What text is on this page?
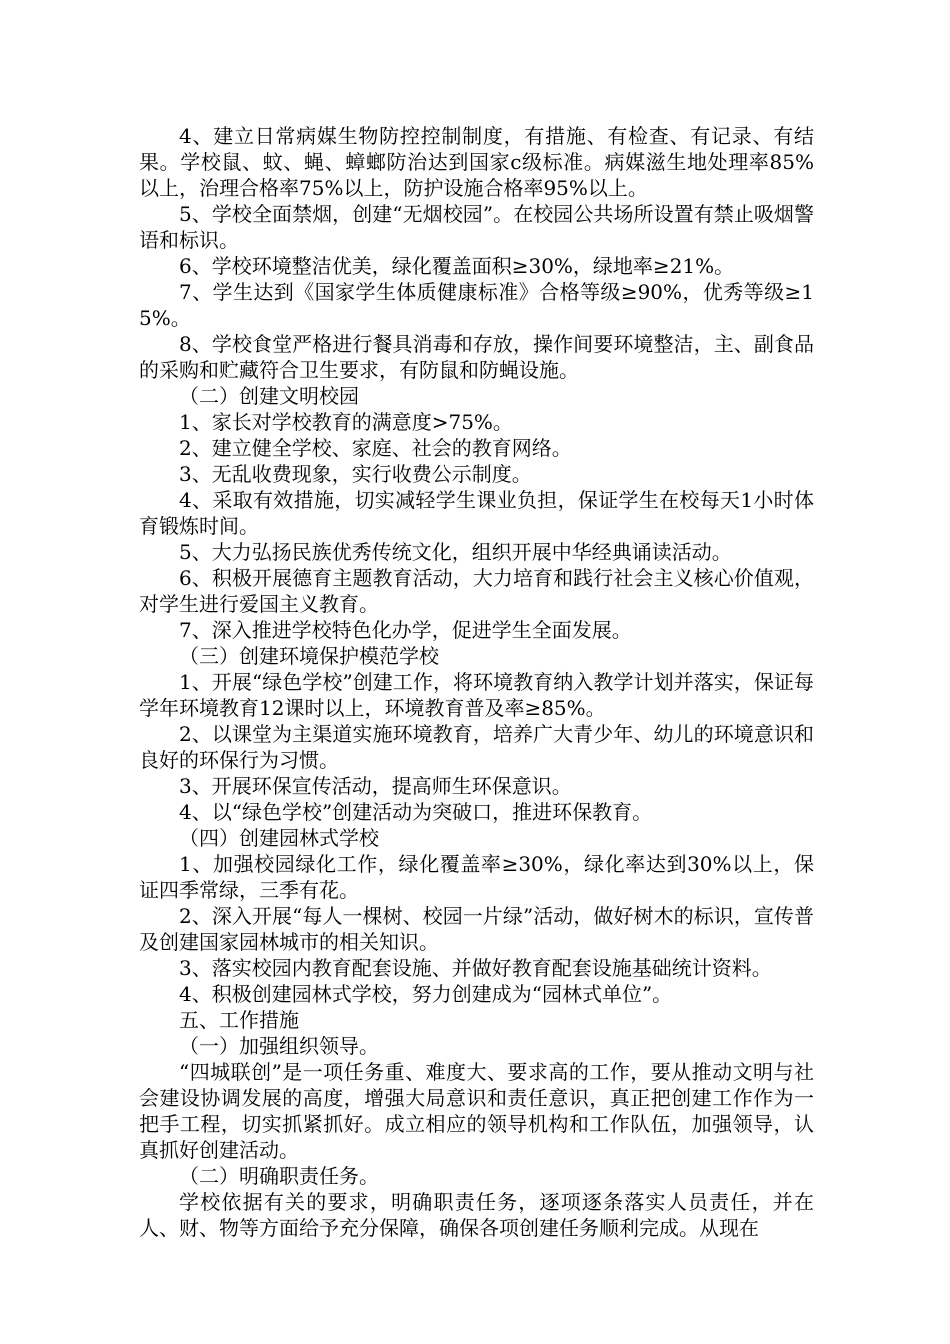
4、建立日常病媒生物防控控制制度，有措施、有检查、有记录、有结果。学校鼠、蚊、蝇、蟑螂防治达到国家c级标准。病媒滋生地处理率85%以上，治理合格率75%以上，防护设施合格率95%以上。

5、学校全面禁烟，创建“无烟校园”。在校园公共场所设置有禁止吸烟警语和标识。

6、学校环境整洁优美，绿化覆盖面积≥30%，绿地率≥21%。

7、学生达到《国家学生体质健康标准》合格等级≥90%，优秀等级≥15%。

8、学校食堂严格进行餐具消毒和存放，操作间要环境整洁，主、副食品的采购和贮藏符合卫生要求，有防鼠和防蝇设施。

（二）创建文明校园

1、家长对学校教育的满意度>75%。

2、建立健全学校、家庭、社会的教育网络。

3、无乱收费现象，实行收费公示制度。

4、采取有效措施，切实减轻学生课业负担，保证学生在校每天1小时体育锻炼时间。

5、大力弘扬民族优秀传统文化，组织开展中华经典诵读活动。

6、积极开展德育主题教育活动，大力培育和践行社会主义核心价值观，对学生进行爱国主义教育。

7、深入推进学校特色化办学，促进学生全面发展。

（三）创建环境保护模范学校

1、开展“绿色学校”创建工作，将环境教育纳入教学计划并落实，保证每学年环境教育12课时以上，环境教育普及率≥85%。

2、以课堂为主渠道实施环境教育，培养广大青少年、幼儿的环境意识和良好的环保行为习惯。

3、开展环保宣传活动，提高师生环保意识。

4、以“绿色学校”创建活动为突破口，推进环保教育。

（四）创建园林式学校

1、加强校园绿化工作，绿化覆盖率≥30%，绿化率达到30%以上，保证四季常绿，三季有花。

2、深入开展“每人一棵树、校园一片绿”活动，做好树木的标识，宣传普及创建国家园林城市的相关知识。

3、落实校园内教育配套设施、并做好教育配套设施基础统计资料。

4、积极创建园林式学校，努力创建成为“园林式单位”。

五、工作措施

（一）加强组织领导。

“四城联创”是一项任务重、难度大、要求高的工作，要从推动文明与社会建设协调发展的高度，增强大局意识和责任意识，真正把创建工作作为一把手工程，切实抓紧抓好。成立相应的领导机构和工作队伍，加强领导，认真抓好创建活动。

（二）明确职责任务。

学校依据有关的要求，明确职责任务，逐项逐条落实人员责任，并在人、财、物等方面给予充分保障，确保各项创建任务顺利完成。从现在
